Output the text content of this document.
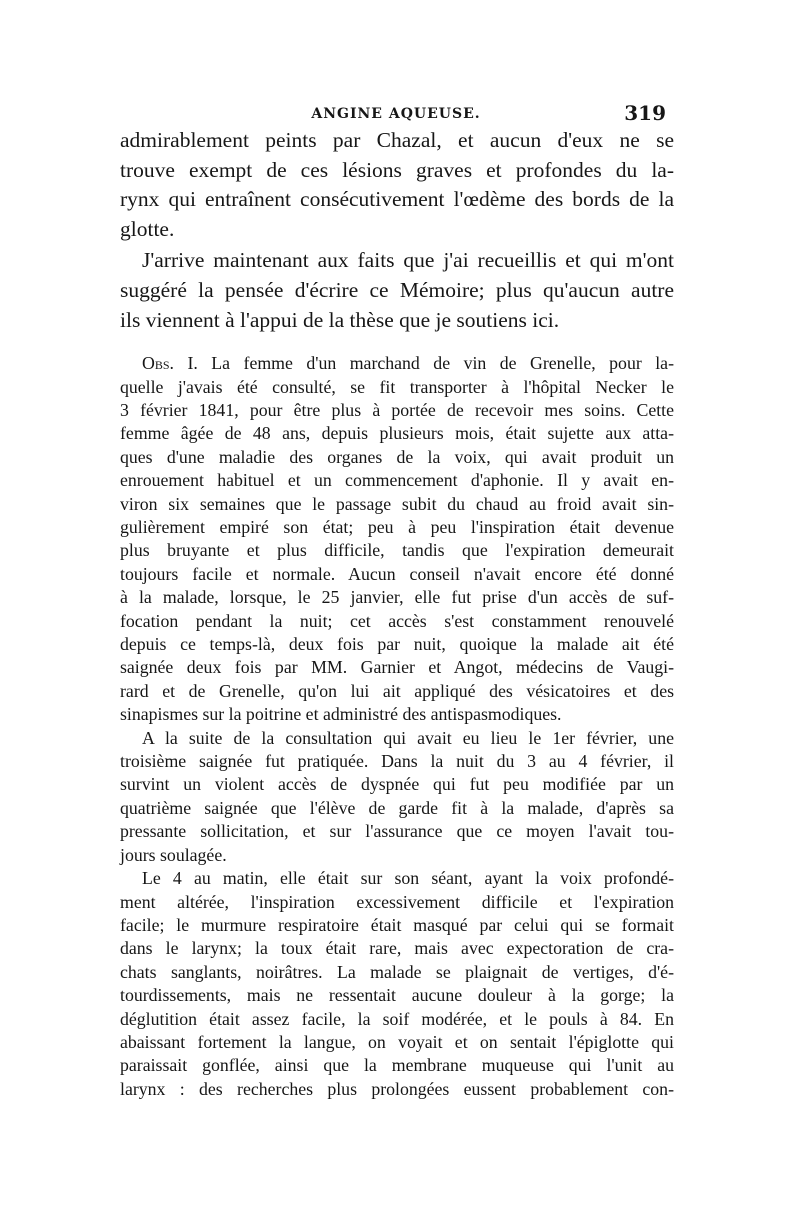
ANGINE AQUEUSE.	319
admirablement peints par Chazal, et aucun d'eux ne se
trouve exempt de ces lésions graves et profondes du la-
rynx qui entraînent consécutivement l'œdème des bords de la
glotte.
J'arrive maintenant aux faits que j'ai recueillis et qui m'ont
suggéré la pensée d'écrire ce Mémoire; plus qu'aucun autre
ils viennent à l'appui de la thèse que je soutiens ici.
Obs. I. La femme d'un marchand de vin de Grenelle, pour la-
quelle j'avais été consulté, se fit transporter à l'hôpital Necker le
3 février 1841, pour être plus à portée de recevoir mes soins. Cette
femme âgée de 48 ans, depuis plusieurs mois, était sujette aux atta-
ques d'une maladie des organes de la voix, qui avait produit un
enrouement habituel et un commencement d'aphonie. Il y avait en-
viron six semaines que le passage subit du chaud au froid avait sin-
gulièrement empiré son état; peu à peu l'inspiration était devenue
plus bruyante et plus difficile, tandis que l'expiration demeurait
toujours facile et normale. Aucun conseil n'avait encore été donné
à la malade, lorsque, le 25 janvier, elle fut prise d'un accès de suf-
focation pendant la nuit; cet accès s'est constamment renouvelé
depuis ce temps-là, deux fois par nuit, quoique la malade ait été
saignée deux fois par MM. Garnier et Angot, médecins de Vaugi-
rard et de Grenelle, qu'on lui ait appliqué des vésicatoires et des
sinapismes sur la poitrine et administré des antispasmodiques.
A la suite de la consultation qui avait eu lieu le 1er février, une
troisième saignée fut pratiquée. Dans la nuit du 3 au 4 février, il
survint un violent accès de dyspnée qui fut peu modifiée par un
quatrième saignée que l'élève de garde fit à la malade, d'après sa
pressante sollicitation, et sur l'assurance que ce moyen l'avait tou-
jours soulagée.
Le 4 au matin, elle était sur son séant, ayant la voix profondé-
ment altérée, l'inspiration excessivement difficile et l'expiration
facile; le murmure respiratoire était masqué par celui qui se formait
dans le larynx; la toux était rare, mais avec expectoration de cra-
chats sanglants, noirâtres. La malade se plaignait de vertiges, d'é-
tourdissements, mais ne ressentait aucune douleur à la gorge; la
déglutition était assez facile, la soif modérée, et le pouls à 84. En
abaissant fortement la langue, on voyait et on sentait l'épiglotte qui
paraissait gonflée, ainsi que la membrane muqueuse qui l'unit au
larynx : des recherches plus prolongées eussent probablement con-
